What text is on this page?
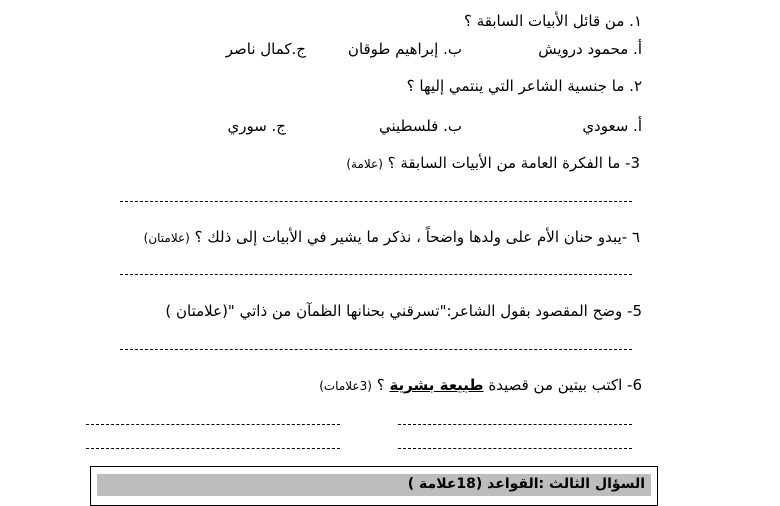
١. من قائل الأبيات السابقة ؟
أ. محمود درويش
ب. إبراهيم طوقان
ج.كمال ناصر
٢. ما جنسية الشاعر التي ينتمي إليها ؟
أ. سعودي
ب. فلسطيني
ج. سوري
3- ما الفكرة العامة من الأبيات السابقة ؟ (علامة)
٦ -يبدو حنان الأم على ولدها واضحاً ، نذكر ما يشير في الأبيات إلى ذلك ؟ (علامتان)
5- وضح المقصود بقول الشاعر:"تسرقني بحنانها الظمآن من ذاتي "(علامتان )
6- اكتب بيتين من قصيدة طبيعة بشرية ؟ (3علامات)
السؤال الثالث :القواعد (18علامة )
